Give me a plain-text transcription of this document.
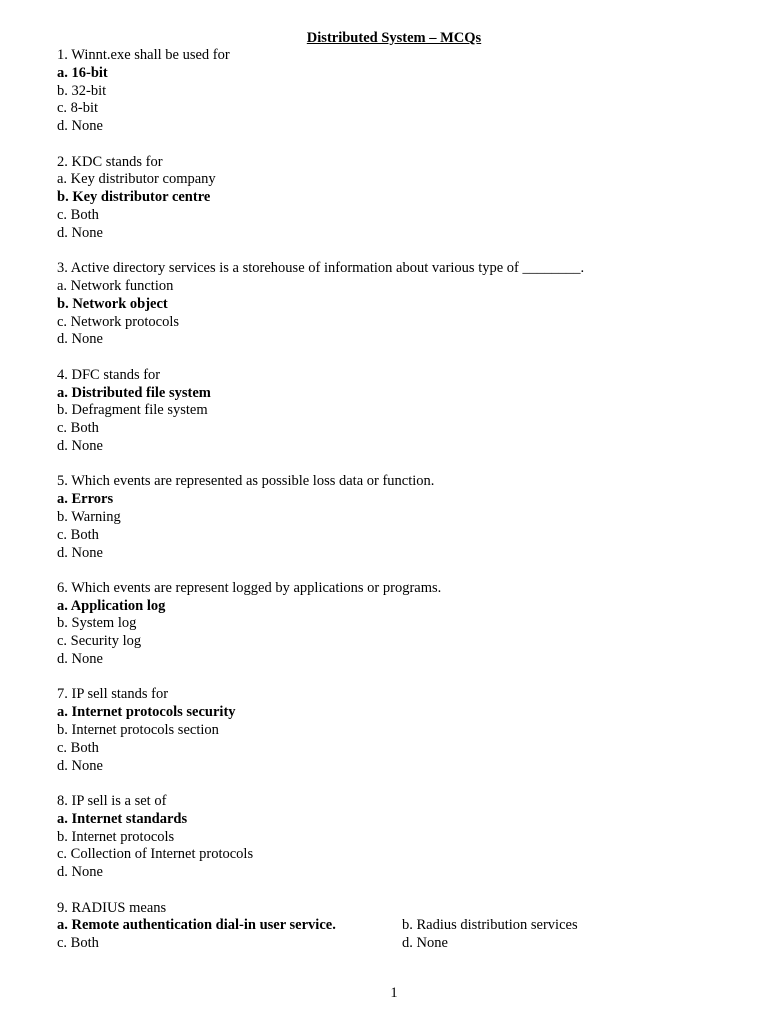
Distributed System – MCQs
1. Winnt.exe shall be used for
a. 16-bit
b. 32-bit
c. 8-bit
d. None
2. KDC stands for
a. Key distributor company
b. Key distributor centre
c. Both
d. None
3. Active directory services is a storehouse of information about various type of ________.
a. Network function
b. Network object
c. Network protocols
d. None
4. DFC stands for
a. Distributed file system
b. Defragment file system
c. Both
d. None
5. Which events are represented as possible loss data or function.
a. Errors
b. Warning
c. Both
d. None
6. Which events are represent logged by applications or programs.
a. Application log
b. System log
c. Security log
d. None
7. IP sell stands for
a. Internet protocols security
b. Internet protocols section
c. Both
d. None
8. IP sell is a set of
a. Internet standards
b. Internet protocols
c. Collection of Internet protocols
d. None
9. RADIUS means
a. Remote authentication dial-in user service.	b. Radius distribution services
c. Both	d. None
1
